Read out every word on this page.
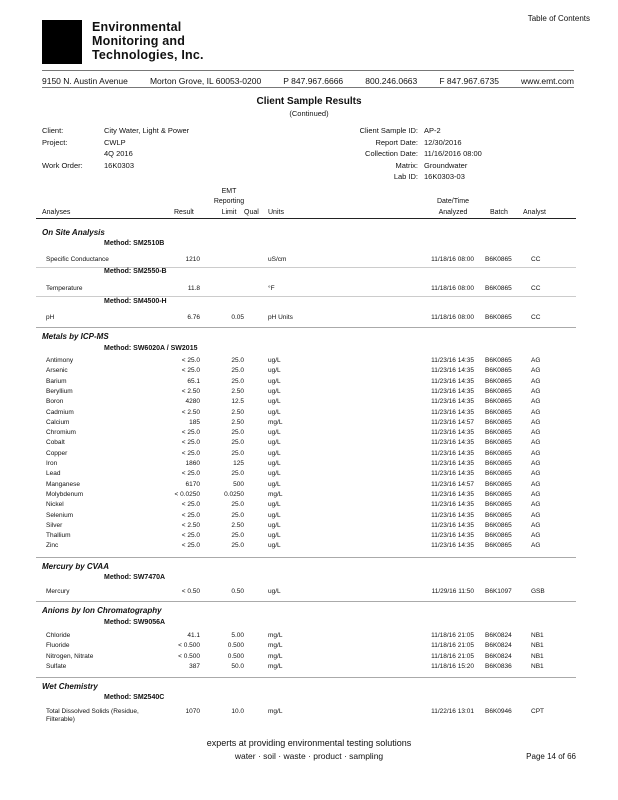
Environmental
Monitoring and
Technologies, Inc.
Table of Contents
9150 N. Austin Avenue	Morton Grove, IL 60053-0200	P 847.967.6666	800.246.0663	F 847.967.6735	www.emt.com
Client Sample Results
(Continued)
Client:	City Water, Light & Power
Project:	CWLP
4Q 2016
Work Order:	16K0303
Client Sample ID: AP-2
Report Date: 12/30/2016
Collection Date: 11/16/2016 08:00
Matrix: Groundwater
Lab ID: 16K0303-03
Analyses	Result
EMT
Reporting
Limit	Qual Units
Date/Time
Analyzed	Batch Analyst
On Site Analysis
Method: SM2510B
Specific Conductance	1210	uS/cm	11/18/16 08:00 B6K0865	CC
Method: SM2550-B
Temperature	11.8	°F	11/18/16 08:00 B6K0865	CC
Method: SM4500-H
pH	6.76	0.05	pH Units	11/18/16 08:00 B6K0865	CC
Metals by ICP-MS
Method: SW6020A / SW2015
Antimony	< 25.0	25.0	ug/L	11/23/16 14:35 B6K0865	AG
Arsenic	< 25.0	25.0	ug/L	11/23/16 14:35 B6K0865	AG
Barium	65.1	25.0	ug/L	11/23/16 14:35 B6K0865	AG
Beryllium	< 2.50	2.50	ug/L	11/23/16 14:35 B6K0865	AG
Boron	4280	12.5	ug/L	11/23/16 14:35 B6K0865	AG
Cadmium	< 2.50	2.50	ug/L	11/23/16 14:35 B6K0865	AG
Calcium	185	2.50	mg/L	11/23/16 14:57 B6K0865	AG
Chromium	< 25.0	25.0	ug/L	11/23/16 14:35 B6K0865	AG
Cobalt	< 25.0	25.0	ug/L	11/23/16 14:35 B6K0865	AG
Copper	< 25.0	25.0	ug/L	11/23/16 14:35 B6K0865	AG
Iron	1860	125	ug/L	11/23/16 14:35 B6K0865	AG
Lead	< 25.0	25.0	ug/L	11/23/16 14:35 B6K0865	AG
Manganese	6170	500	ug/L	11/23/16 14:57 B6K0865	AG
Molybdenum	< 0.0250	0.0250	mg/L	11/23/16 14:35 B6K0865	AG
Nickel	< 25.0	25.0	ug/L	11/23/16 14:35 B6K0865	AG
Selenium	< 25.0	25.0	ug/L	11/23/16 14:35 B6K0865	AG
Silver	< 2.50	2.50	ug/L	11/23/16 14:35 B6K0865	AG
Thallium	< 25.0	25.0	ug/L	11/23/16 14:35 B6K0865	AG
Zinc	< 25.0	25.0	ug/L	11/23/16 14:35 B6K0865	AG
Mercury by CVAA
Method: SW7470A
Mercury	< 0.50	0.50	ug/L	11/29/16 11:50 B6K1097	GSB
Anions by Ion Chromatography
Method: SW9056A
Chloride	41.1	5.00	mg/L	11/18/16 21:05 B6K0824	NB1
Fluoride	< 0.500	0.500	mg/L	11/18/16 21:05 B6K0824	NB1
Nitrogen, Nitrate	< 0.500	0.500	mg/L	11/18/16 21:05 B6K0824	NB1
Sulfate	387	50.0	mg/L	11/18/16 15:20 B6K0836	NB1
Wet Chemistry
Method: SM2540C
Total Dissolved Solids (Residue, Filterable)
1070	10.0	mg/L	11/22/16 13:01 B6K0946	CPT
experts at providing environmental testing solutions
water · soil · waste · product · sampling	Page 14 of 66
